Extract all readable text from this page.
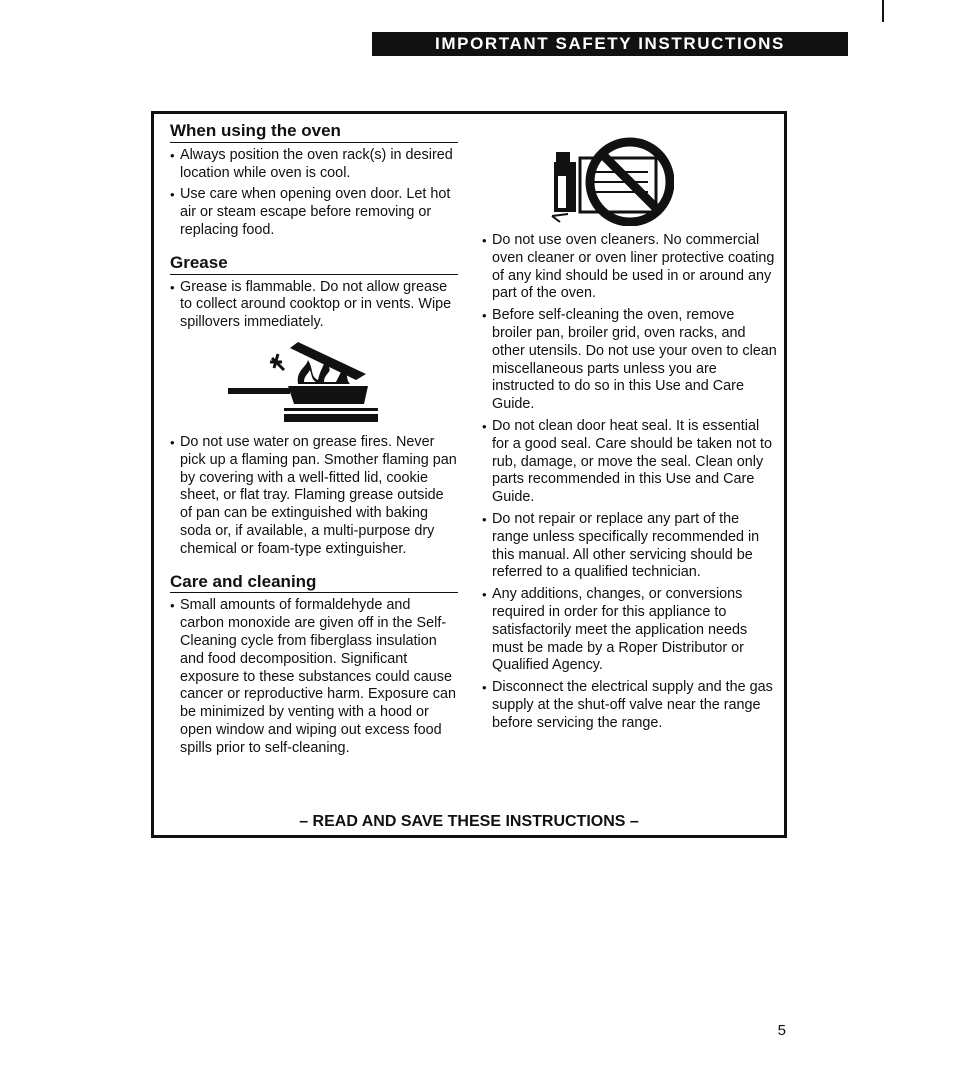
IMPORTANT SAFETY INSTRUCTIONS
When using the oven
• Always position the oven rack(s) in desired location while oven is cool.
• Use care when opening oven door. Let hot air or steam escape before removing or replacing food.
Grease
• Grease is flammable. Do not allow grease to collect around cooktop or in vents. Wipe spillovers immediately.
• Do not use water on grease fires. Never pick up a flaming pan. Smother flaming pan by covering with a well-fitted lid, cookie sheet, or flat tray. Flaming grease outside of pan can be extinguished with baking soda or, if available, a multi-purpose dry chemical or foam-type extinguisher.
Care and cleaning
• Small amounts of formaldehyde and carbon monoxide are given off in the Self-Cleaning cycle from fiberglass insulation and food decomposition. Significant exposure to these substances could cause cancer or reproductive harm. Exposure can be minimized by venting with a hood or open window and wiping out excess food spills prior to self-cleaning.
• Do not use oven cleaners. No commercial oven cleaner or oven liner protective coating of any kind should be used in or around any part of the oven.
• Before self-cleaning the oven, remove broiler pan, broiler grid, oven racks, and other utensils. Do not use your oven to clean miscellaneous parts unless you are instructed to do so in this Use and Care Guide.
• Do not clean door heat seal. It is essential for a good seal. Care should be taken not to rub, damage, or move the seal. Clean only parts recommended in this Use and Care Guide.
• Do not repair or replace any part of the range unless specifically recommended in this manual. All other servicing should be referred to a qualified technician.
• Any additions, changes, or conversions required in order for this appliance to satisfactorily meet the application needs must be made by a Roper Distributor or Qualified Agency.
• Disconnect the electrical supply and the gas supply at the shut-off valve near the range before servicing the range.
– READ AND SAVE THESE INSTRUCTIONS –
5
